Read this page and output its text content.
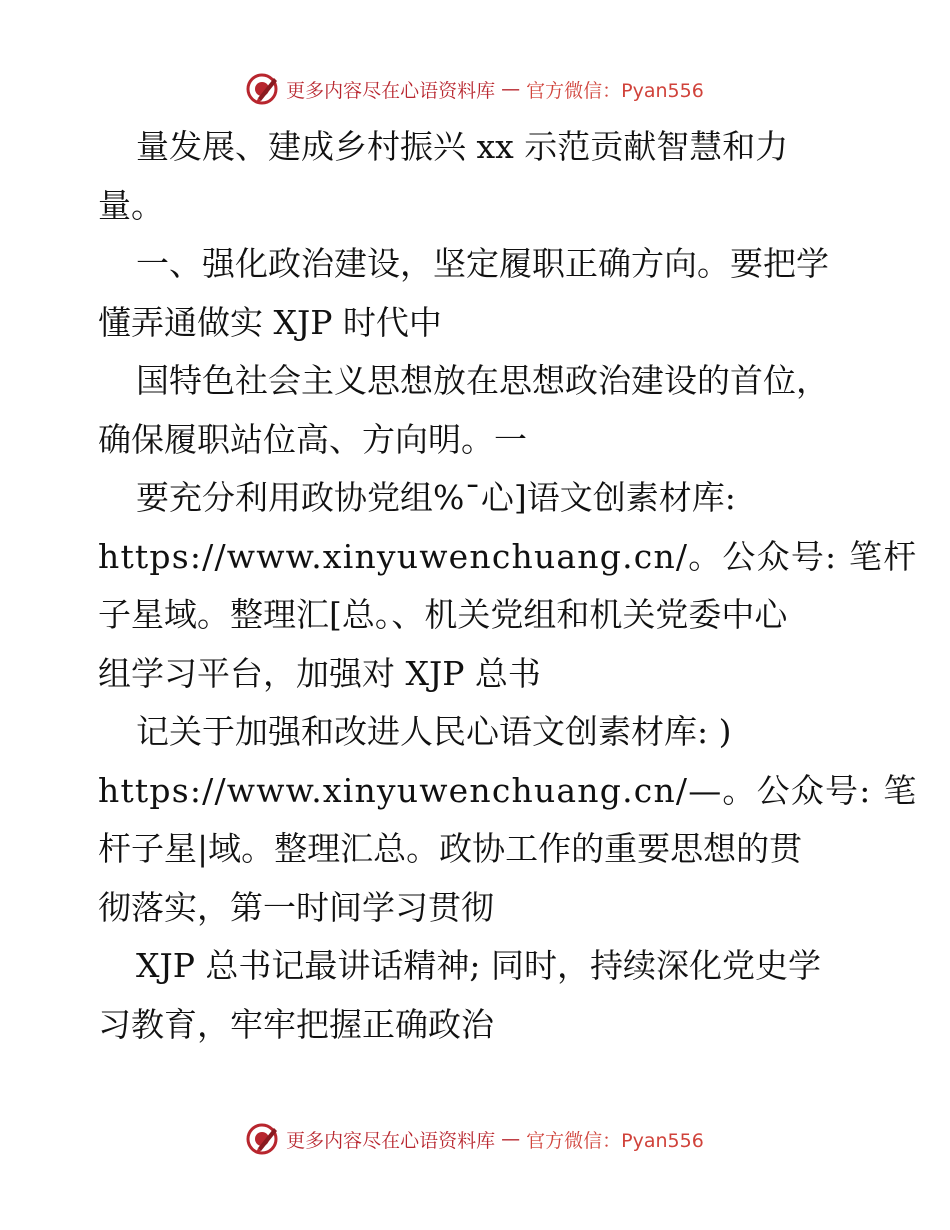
更多内容尽在心语资料库 — 官方微信：Pyan556
量发展、建成乡村振兴 xx 示范贡献智慧和力
量。
一、强化政治建设，坚定履职正确方向。要把学
懂弄通做实 XJP 时代中
国特色社会主义思想放在思想政治建设的首位，
确保履职站位高、方向明。一
要充分利用政协党组%¯心]语文创素材库:
https://www.xinyuwenchuang.cn/。公众号: 笔杆
子星域。整理汇[总。、机关党组和机关党委中心
组学习平台，加强对 XJP 总书
记关于加强和改进人民心语文创素材库: )
https://www.xinyuwenchuang.cn/—。公众号: 笔
杆子星|域。整理汇总。政协工作的重要思想的贯
彻落实，第一时间学习贯彻
XJP 总书记最讲话精神; 同时，持续深化党史学
习教育，牢牢把握正确政治
更多内容尽在心语资料库 — 官方微信：Pyan556
